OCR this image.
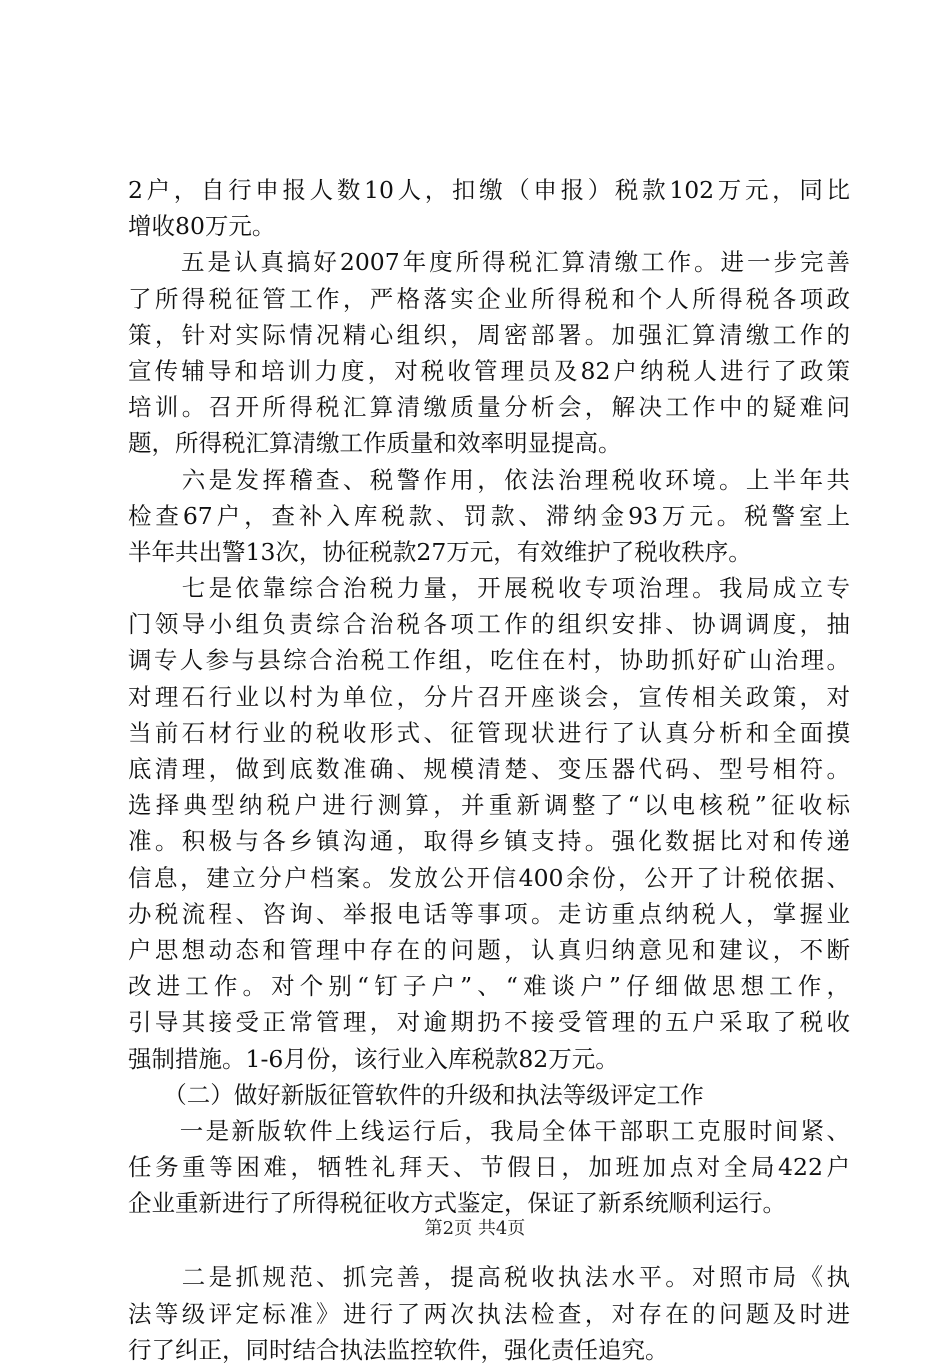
2户，自行申报人数10人，扣缴（申报）税款102万元，同比
增收80万元。
　　五是认真搞好2007年度所得税汇算清缴工作。进一步完善
了所得税征管工作，严格落实企业所得税和个人所得税各项政
策，针对实际情况精心组织，周密部署。加强汇算清缴工作的
宣传辅导和培训力度，对税收管理员及82户纳税人进行了政策
培训。召开所得税汇算清缴质量分析会，解决工作中的疑难问
题，所得税汇算清缴工作质量和效率明显提高。
　　六是发挥稽查、税警作用，依法治理税收环境。上半年共
检查67户，查补入库税款、罚款、滞纳金93万元。税警室上
半年共出警13次，协征税款27万元，有效维护了税收秩序。
　　七是依靠综合治税力量，开展税收专项治理。我局成立专
门领导小组负责综合治税各项工作的组织安排、协调调度，抽
调专人参与县综合治税工作组，吃住在村，协助抓好矿山治理。
对理石行业以村为单位，分片召开座谈会，宣传相关政策，对
当前石材行业的税收形式、征管现状进行了认真分析和全面摸
底清理，做到底数准确、规模清楚、变压器代码、型号相符。
选择典型纳税户进行测算，并重新调整了“以电核税”征收标
准。积极与各乡镇沟通，取得乡镇支持。强化数据比对和传递
信息，建立分户档案。发放公开信400余份，公开了计税依据、
办税流程、咨询、举报电话等事项。走访重点纳税人，掌握业
户思想动态和管理中存在的问题，认真归纳意见和建议，不断
改进工作。对个别“钉子户”、“难谈户”仔细做思想工作，
引导其接受正常管理，对逾期扔不接受管理的五户采取了税收
强制措施。1-6月份，该行业入库税款82万元。
　　（二）做好新版征管软件的升级和执法等级评定工作
　　一是新版软件上线运行后，我局全体干部职工克服时间紧、
任务重等困难，牺牲礼拜天、节假日，加班加点对全局422户
企业重新进行了所得税征收方式鉴定，保证了新系统顺利运行。
　　二是抓规范、抓完善，提高税收执法水平。对照市局《执
法等级评定标准》进行了两次执法检查，对存在的问题及时进
行了纠正，同时结合执法监控软件，强化责任追究。
第2页 共4页
